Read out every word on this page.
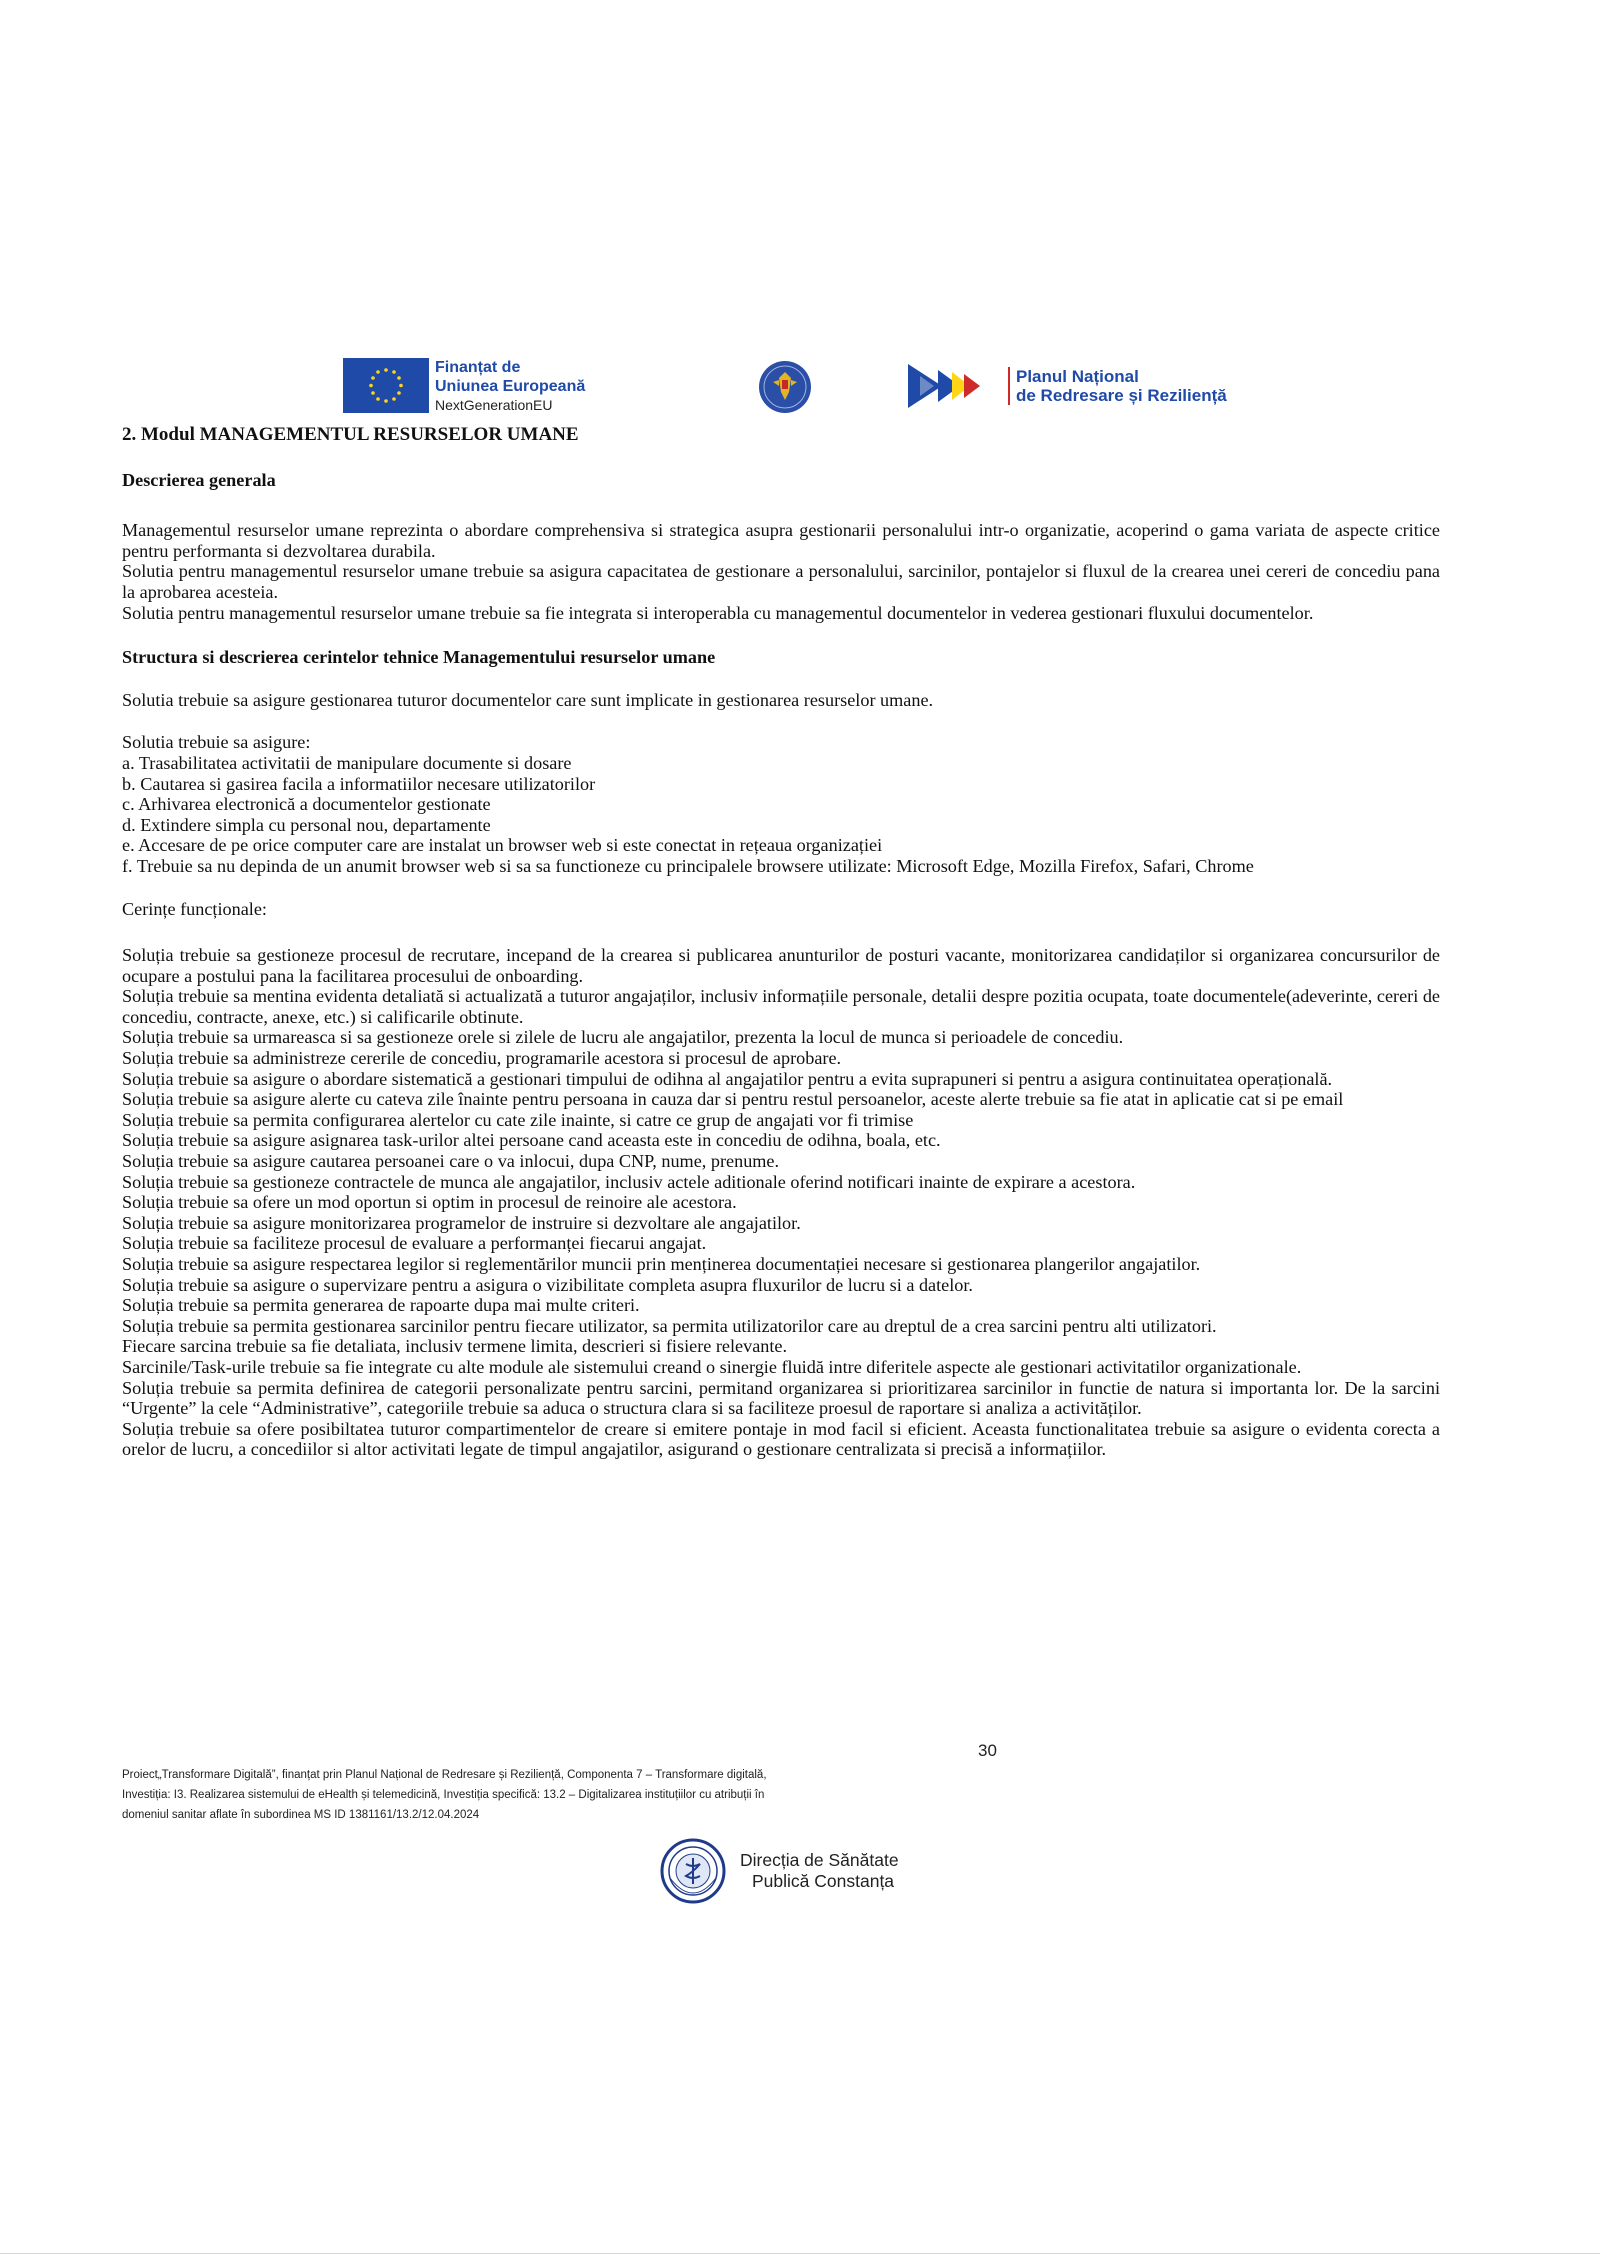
Finanțat de
Uniunea Europeană
NextGenerationEU
Planul Național
de Redresare și Reziliență

2. Modul MANAGEMENTUL RESURSELOR UMANE

Descrierea generala

Managementul resurselor umane reprezinta o abordare comprehensiva si strategica asupra gestionarii personalului intr-o organizatie, acoperind o gama variata de aspecte critice pentru performanta si dezvoltarea durabila.

Solutia pentru managementul resurselor umane trebuie sa asigura capacitatea de gestionare a personalului, sarcinilor, pontajelor si fluxul de la crearea unei cereri de concediu pana la aprobarea acesteia.

Solutia pentru managementul resurselor umane trebuie sa fie integrata si interoperabla cu managementul documentelor in vederea gestionari fluxului documentelor.

Structura si descrierea cerintelor tehnice Managementului resurselor umane

Solutia trebuie sa asigure gestionarea tuturor documentelor care sunt implicate in gestionarea resurselor umane.

Solutia trebuie sa asigure:

a. Trasabilitatea activitatii de manipulare documente si dosare

b. Cautarea si gasirea facila a informatiilor necesare utilizatorilor

c. Arhivarea electronică a documentelor gestionate

d. Extindere simpla cu personal nou, departamente

e. Accesare de pe orice computer care are instalat un browser web si este conectat in rețeaua organizației

f. Trebuie sa nu depinda de un anumit browser web si sa sa functioneze cu principalele browsere utilizate: Microsoft Edge, Mozilla Firefox, Safari, Chrome

Cerințe funcționale:

Soluția trebuie sa gestioneze procesul de recrutare, incepand de la crearea si publicarea anunturilor de posturi vacante, monitorizarea candidaților si organizarea concursurilor de ocupare a postului pana la facilitarea procesului de onboarding.

Soluția trebuie sa mentina evidenta detaliată si actualizată a tuturor angajaților, inclusiv informațiile personale, detalii despre pozitia ocupata, toate documentele(adeverinte, cereri de concediu, contracte, anexe, etc.) si calificarile obtinute.

Soluția trebuie sa urmareasca si sa gestioneze orele si zilele de lucru ale angajatilor, prezenta la locul de munca si perioadele de concediu.

Soluția trebuie sa administreze cererile de concediu, programarile acestora si procesul de aprobare.

Soluția trebuie sa asigure o abordare sistematică a gestionari timpului de odihna al angajatilor pentru a evita suprapuneri si pentru a asigura continuitatea operațională.

Soluția trebuie sa asigure alerte cu cateva zile înainte pentru persoana in cauza dar si pentru restul persoanelor, aceste alerte trebuie sa fie atat in aplicatie cat si pe email

Soluția trebuie sa permita configurarea alertelor cu cate zile inainte, si catre ce grup de angajati vor fi trimise

Soluția trebuie sa asigure asignarea task-urilor altei persoane cand aceasta este in concediu de odihna, boala, etc.

Soluția trebuie sa asigure cautarea persoanei care o va inlocui, dupa CNP, nume, prenume.

Soluția trebuie sa gestioneze contractele de munca ale angajatilor, inclusiv actele aditionale oferind notificari inainte de expirare a acestora.

Soluția trebuie sa ofere un mod oportun si optim in procesul de reinoire ale acestora.

Soluția trebuie sa asigure monitorizarea programelor de instruire si dezvoltare ale angajatilor.

Soluția trebuie sa faciliteze procesul de evaluare a performanței fiecarui angajat.

Soluția trebuie sa asigure respectarea legilor si reglementărilor muncii prin menținerea documentației necesare si gestionarea plangerilor angajatilor.

Soluția trebuie sa asigure o supervizare pentru a asigura o vizibilitate completa asupra fluxurilor de lucru si a datelor.

Soluția trebuie sa permita generarea de rapoarte dupa mai multe criteri.

Soluția trebuie sa permita gestionarea sarcinilor pentru fiecare utilizator, sa permita utilizatorilor care au dreptul de a crea sarcini pentru alti utilizatori.

Fiecare sarcina trebuie sa fie detaliata, inclusiv termene limita, descrieri si fisiere relevante.

Sarcinile/Task-urile trebuie sa fie integrate cu alte module ale sistemului creand o sinergie fluidă intre diferitele aspecte ale gestionari activitatilor organizationale.

Soluția trebuie sa permita definirea de categorii personalizate pentru sarcini, permitand organizarea si prioritizarea sarcinilor in functie de natura si importanta lor. De la sarcini “Urgente” la cele “Administrative”, categoriile trebuie sa aduca o structura clara si sa faciliteze proesul de raportare si analiza a activităților.

Soluția trebuie sa ofere posibiltatea tuturor compartimentelor de creare si emitere pontaje in mod facil si eficient. Aceasta functionalitatea trebuie sa asigure o evidenta corecta a orelor de lucru, a concediilor si altor activitati legate de timpul angajatilor, asigurand o gestionare centralizata si precisă a informațiilor.

30
Proiect„Transformare Digitală”, finanțat prin Planul Național de Redresare și Reziliență, Componenta 7 – Transformare digitală,
Investiția: I3. Realizarea sistemului de eHealth și telemedicină, Investiția specifică: 13.2 – Digitalizarea instituțiilor cu atribuții în
domeniul sanitar aflate în subordinea MS ID 1381161/13.2/12.04.2024
Direcția de Sănătate
Publică Constanța
